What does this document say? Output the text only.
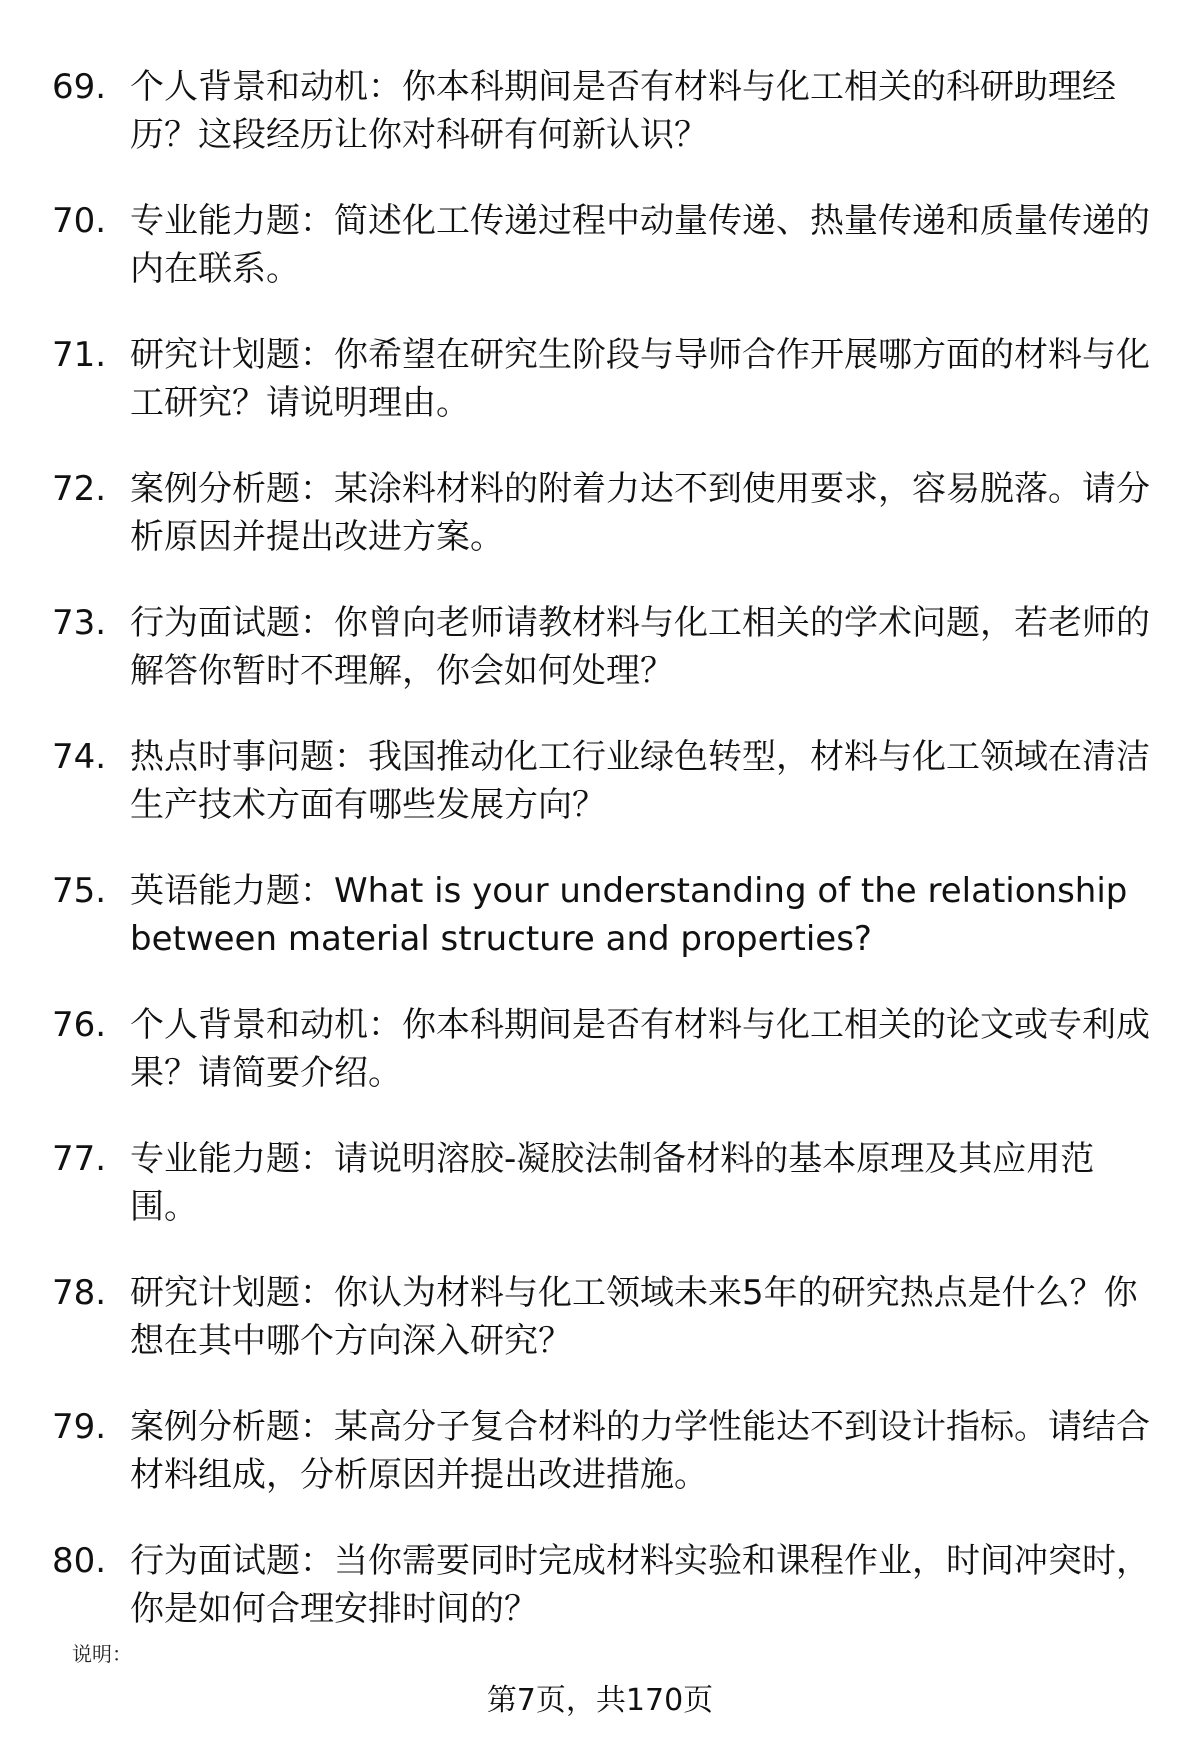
69. 个人背景和动机：你本科期间是否有材料与化工相关的科研助理经历？这段经历让你对科研有何新认识？
70. 专业能力题：简述化工传递过程中动量传递、热量传递和质量传递的内在联系。
71. 研究计划题：你希望在研究生阶段与导师合作开展哪方面的材料与化工研究？请说明理由。
72. 案例分析题：某涂料材料的附着力达不到使用要求，容易脱落。请分析原因并提出改进方案。
73. 行为面试题：你曾向老师请教材料与化工相关的学术问题，若老师的解答你暂时不理解，你会如何处理？
74. 热点时事问题：我国推动化工行业绿色转型，材料与化工领域在清洁生产技术方面有哪些发展方向？
75. 英语能力题：What is your understanding of the relationship between material structure and properties?
76. 个人背景和动机：你本科期间是否有材料与化工相关的论文或专利成果？请简要介绍。
77. 专业能力题：请说明溶胶-凝胶法制备材料的基本原理及其应用范围。
78. 研究计划题：你认为材料与化工领域未来5年的研究热点是什么？你想在其中哪个方向深入研究？
79. 案例分析题：某高分子复合材料的力学性能达不到设计指标。请结合材料组成，分析原因并提出改进措施。
80. 行为面试题：当你需要同时完成材料实验和课程作业，时间冲突时，你是如何合理安排时间的？
说明：
第7页，共170页
